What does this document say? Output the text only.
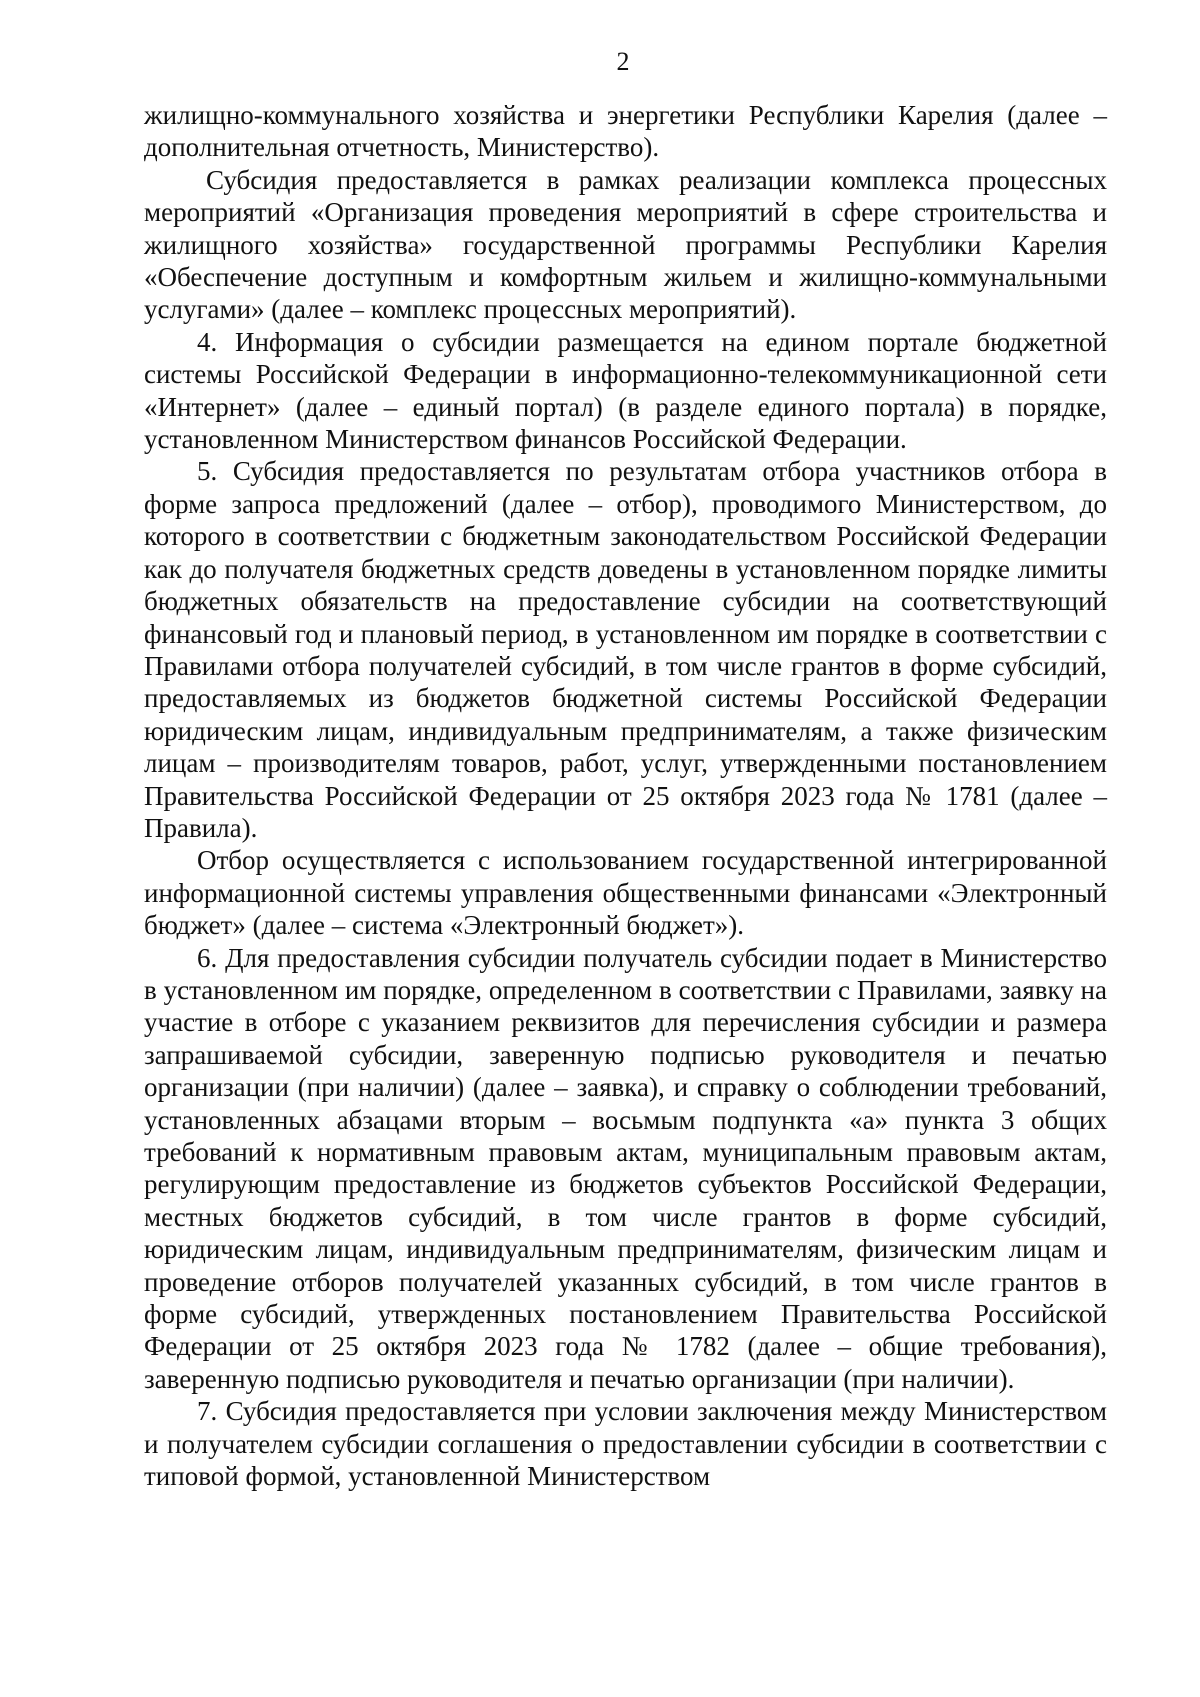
2

жилищно-коммунального хозяйства и энергетики Республики Карелия (далее – дополнительная отчетность, Министерство).

Субсидия предоставляется в рамках реализации комплекса процессных мероприятий «Организация проведения мероприятий в сфере строительства и жилищного хозяйства» государственной программы Республики Карелия «Обеспечение доступным и комфортным жильем и жилищно-коммунальными услугами» (далее – комплекс процессных мероприятий).

4. Информация о субсидии размещается на едином портале бюджетной системы Российской Федерации в информационно-телекоммуникационной сети «Интернет» (далее – единый портал) (в разделе единого портала) в порядке, установленном Министерством финансов Российской Федерации.

5. Субсидия предоставляется по результатам отбора участников отбора в форме запроса предложений (далее – отбор), проводимого Министерством, до которого в соответствии с бюджетным законодательством Российской Федерации как до получателя бюджетных средств доведены в установленном порядке лимиты бюджетных обязательств на предоставление субсидии на соответствующий финансовый год и плановый период, в установленном им порядке в соответствии с Правилами отбора получателей субсидий, в том числе грантов в форме субсидий, предоставляемых из бюджетов бюджетной системы Российской Федерации юридическим лицам, индивидуальным предпринимателям, а также физическим лицам – производителям товаров, работ, услуг, утвержденными постановлением Правительства Российской Федерации от 25 октября 2023 года № 1781 (далее – Правила).

Отбор осуществляется с использованием государственной интегрированной информационной системы управления общественными финансами «Электронный бюджет» (далее – система «Электронный бюджет»).

6. Для предоставления субсидии получатель субсидии подает в Министерство в установленном им порядке, определенном в соответствии с Правилами, заявку на участие в отборе с указанием реквизитов для перечисления субсидии и размера запрашиваемой субсидии, заверенную подписью руководителя и печатью организации (при наличии) (далее – заявка), и справку о соблюдении требований, установленных абзацами вторым – восьмым подпункта «а» пункта 3 общих требований к нормативным правовым актам, муниципальным правовым актам, регулирующим предоставление из бюджетов субъектов Российской Федерации, местных бюджетов субсидий, в том числе грантов в форме субсидий, юридическим лицам, индивидуальным предпринимателям, физическим лицам и проведение отборов получателей указанных субсидий, в том числе грантов в форме субсидий, утвержденных постановлением Правительства Российской Федерации от 25 октября 2023 года № 1782 (далее – общие требования), заверенную подписью руководителя и печатью организации (при наличии).

7. Субсидия предоставляется при условии заключения между Министерством и получателем субсидии соглашения о предоставлении субсидии в соответствии с типовой формой, установленной Министерством
